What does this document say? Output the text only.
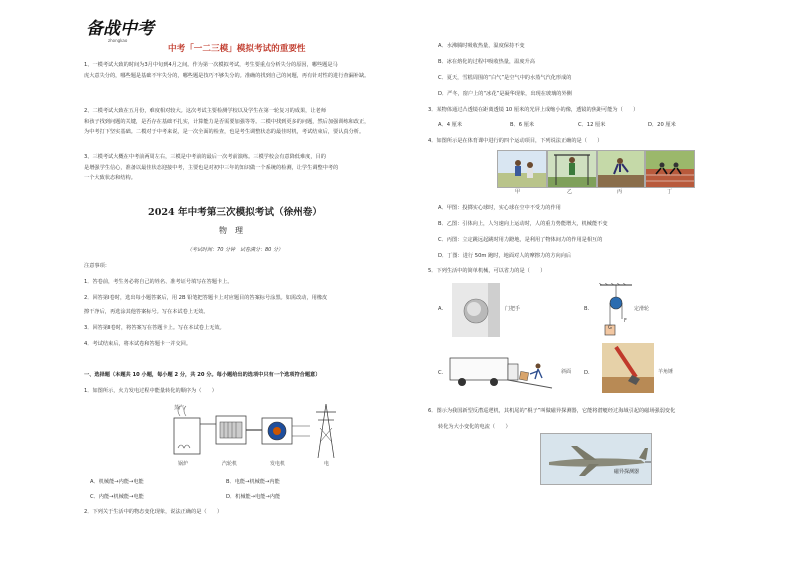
备战中考
zhongkao
中考「一二三模」模拟考试的重要性
1、一模考试大致的时间为3月中旬到4月之间。作为第一次模拟考试，考生要重点分析失分的原因，哪些题是马
虎大意失分的，哪些题是基础不牢失分的，哪些题是技巧不够失分的。准确的找到自己的问题，再有针对性的进行查漏补缺。
2、二模考试大致在五月份，难度相对较大。这次考试主要检测学校以及学生在第一轮复习的成果，让老师
和孩子找到问题的关键，是否存在基础不扎实，计算能力是否需要加强等等。二模中找到更多的问题，然后加强训练和改正，
为中考打下坚实基础。二模对于中考来说，是一次全面的检查，也是考生调整状态的最佳时机，考试结束后，要认真分析。
3、三模考试大概在中考前两周左右，三模是中考前的最后一次考前演练。三模学校会有意降低难度，目的
是增强学生信心，准备以最佳状态迎接中考，主要也是对初中三年的知识做一个系统的检测，让学生调整中考的
一个大致状态和结构。
2024 年中考第三次模拟考试（徐州卷）
物理
（考试时间：70 分钟　试卷满分：80 分）
注意事项：
1．答卷前，考生务必将自己的姓名、准考证号填写在答题卡上。
2．回答第Ⅰ卷时，选出每小题答案后，用 2B 铅笔把答题卡上对应题目的答案标号涂黑。如需改动，用橡皮
擦干净后，再选涂其他答案标号。写在本试卷上无效。
3．回答第Ⅱ卷时，将答案写在答题卡上。写在本试卷上无效。
4．考试结束后，将本试卷和答题卡一并交回。
一、选择题（本题共 10 小题，每小题 2 分，共 20 分。每小题给出的选项中只有一个选项符合题意）
1．如图所示，火力发电过程中能量转化的顺序为（　　）
蒸汽
锅炉	汽轮机	发电机	电
A．机械能→内能→电能	B．电能→机械能→内能
C．内能→机械能→电能	D．机械能→电能→内能
2．下列关于生活中的物态变化现象，说法正确的是（　　）
A．水沸腾时吸收热量，温度保持不变
B．冰在熔化的过程中吸收热量，温度升高
C．夏天，雪糕周围的“白气”是空气中的水蒸气汽化形成的
D．严冬，窗户上的“冰花”是凝华现象，出现在玻璃的外侧
3．某物体通过凸透镜在距离透镜 10 厘米的光屏上成缩小的像，透镜的焦距可能为（　　）
A．4 厘米	B．6 厘米	C．12 厘米	D．20 厘米
4．如图所示是在体育课中进行的四个运动项目，下列说法正确的是（　　）
甲	乙	丙	丁
A．甲图：投掷实心球时，实心球在空中不受力的作用
B．乙图：引体向上，人匀速向上运动时，人的重力势能增大，机械能不变
C．丙图：立定跳远起跳时用力蹬地，是利用了物体间力的作用是相互的
D．丁图：进行 50m 跑时，地面对人的摩擦力的方向向后
5．下列生活中的简单机械，可以省力的是（　　）
A.	门把手	B.
F
G
定滑轮
C.	斜面 D.	羊角锤
6．图示为我国新型反潜巡逻机，其机尾的“棍子”叫做磁异探测器，它能将潜艇经过海域引起的磁场强弱变化
转化为大小变化的电流（　　）
磁异探测器
